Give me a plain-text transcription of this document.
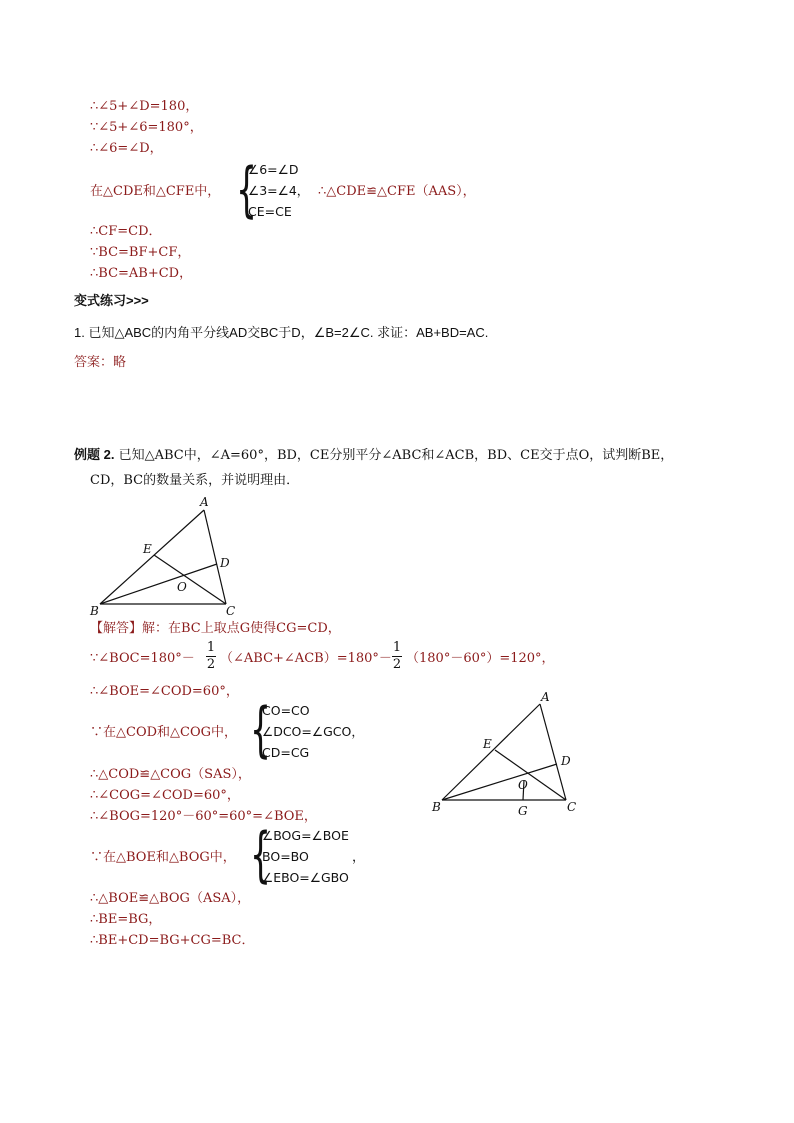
∴∠5+∠D=180，
∵∠5+∠6=180°，
∴∠6=∠D，
在△CDE和△CFE中， {
∠6=∠D
∠3=∠4，
CE=CE
∴△CDE≌△CFE（AAS），
∴CF=CD．
∵BC=BF+CF，
∴BC=AB+CD，
变式练习>>>
1. 已知△ABC的内角平分线AD交BC于D，∠B=2∠C. 求证：AB+BD=AC.
答案：略
例题 2. 已知△ABC中，∠A=60°，BD，CE分别平分∠ABC和∠ACB，BD、CE交于点O，试判断BE，
CD，BC的数量关系，并说明理由．
A
B	C
D
E
O
A
B	C
D
E
O
G
【解答】解：在BC上取点G使得CG=CD，
∵∠BOC=180°－
1
2 （∠ABC+∠ACB）=180°－
1
2 （180°－60°）=120°，
∴∠BOE=∠COD=60°，
∵在△COD和△COG中， {
CO=CO
∠DCO=∠GCO，
CD=CG
∴△COD≌△COG（SAS），
∴∠COG=∠COD=60°，
∴∠BOG=120°－60°=60°=∠BOE，
∵在△BOE和△BOG中， {
∠BOG=∠BOE
BO=BO
∠EBO=∠GBO
，
∴△BOE≌△BOG（ASA），
∴BE=BG，
∴BE+CD=BG+CG=BC．
